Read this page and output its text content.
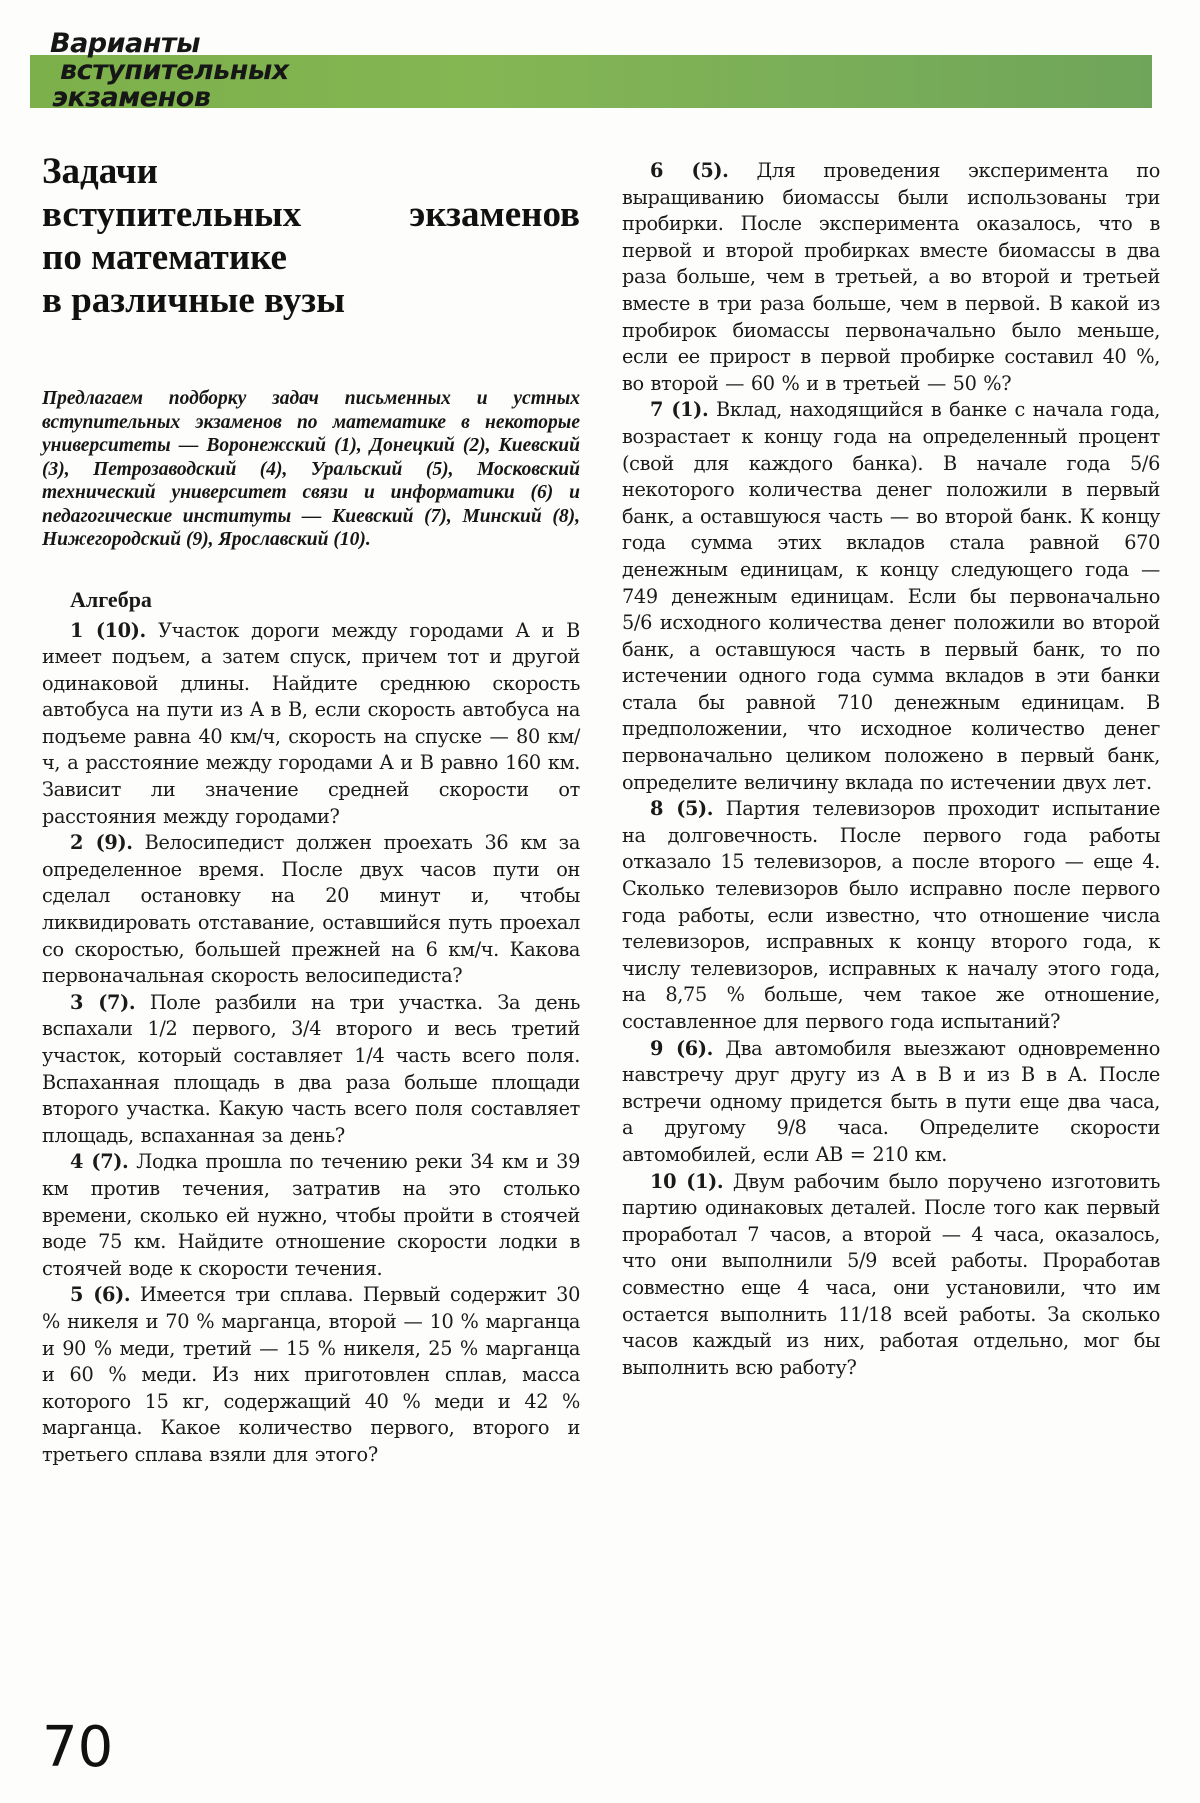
Варианты
вступительных
экзаменов
Задачи
вступительных экзаменов
по математике
в различные вузы

Предлагаем подборку задач письменных и устных вступительных экзаменов по математике в некоторые университеты — Воронежский (1), Донецкий (2), Киевский (3), Петрозаводский (4), Уральский (5), Московский технический университет связи и информатики (6) и педагогические институты — Киевский (7), Минский (8), Нижегородский (9), Ярославский (10).

Алгебра

1 (10). Участок дороги между городами A и B имеет подъем, а затем спуск, причем тот и другой одинаковой длины. Найдите среднюю скорость автобуса на пути из A в B, если скорость автобуса на подъеме равна 40 км/ч, скорость на спуске — 80 км/ч, а расстояние между городами A и B равно 160 км. Зависит ли значение средней скорости от расстояния между городами?

2 (9). Велосипедист должен проехать 36 км за определенное время. После двух часов пути он сделал остановку на 20 минут и, чтобы ликвидировать отставание, оставшийся путь проехал со скоростью, большей прежней на 6 км/ч. Какова первоначальная скорость велосипедиста?

3 (7). Поле разбили на три участка. За день вспахали 1/2 первого, 3/4 второго и весь третий участок, который составляет 1/4 часть всего поля. Вспаханная площадь в два раза больше площади второго участка. Какую часть всего поля составляет площадь, вспаханная за день?

4 (7). Лодка прошла по течению реки 34 км и 39 км против течения, затратив на это столько времени, сколько ей нужно, чтобы пройти в стоячей воде 75 км. Найдите отношение скорости лодки в стоячей воде к скорости течения.

5 (6). Имеется три сплава. Первый содержит 30 % никеля и 70 % марганца, второй — 10 % марганца и 90 % меди, третий — 15 % никеля, 25 % марганца и 60 % меди. Из них приготовлен сплав, масса которого 15 кг, содержащий 40 % меди и 42 % марганца. Какое количество первого, второго и третьего сплава взяли для этого?

6 (5). Для проведения эксперимента по выращиванию биомассы были использованы три пробирки. После эксперимента оказалось, что в первой и второй пробирках вместе биомассы в два раза больше, чем в третьей, а во второй и третьей вместе в три раза больше, чем в первой. В какой из пробирок биомассы первоначально было меньше, если ее прирост в первой пробирке составил 40 %, во второй — 60 % и в третьей — 50 %?

7 (1). Вклад, находящийся в банке с начала года, возрастает к концу года на определенный процент (свой для каждого банка). В начале года 5/6 некоторого количества денег положили в первый банк, а оставшуюся часть — во второй банк. К концу года сумма этих вкладов стала равной 670 денежным единицам, к концу следующего года — 749 денежным единицам. Если бы первоначально 5/6 исходного количества денег положили во второй банк, а оставшуюся часть в первый банк, то по истечении одного года сумма вкладов в эти банки стала бы равной 710 денежным единицам. В предположении, что исходное количество денег первоначально целиком положено в первый банк, определите величину вклада по истечении двух лет.

8 (5). Партия телевизоров проходит испытание на долговечность. После первого года работы отказало 15 телевизоров, а после второго — еще 4. Сколько телевизоров было исправно после первого года работы, если известно, что отношение числа телевизоров, исправных к концу второго года, к числу телевизоров, исправных к началу этого года, на 8,75 % больше, чем такое же отношение, составленное для первого года испытаний?

9 (6). Два автомобиля выезжают одновременно навстречу друг другу из A в B и из B в A. После встречи одному придется быть в пути еще два часа, а другому 9/8 часа. Определите скорости автомобилей, если AB = 210 км.

10 (1). Двум рабочим было поручено изготовить партию одинаковых деталей. После того как первый проработал 7 часов, а второй — 4 часа, оказалось, что они выполнили 5/9 всей работы. Проработав совместно еще 4 часа, они установили, что им остается выполнить 11/18 всей работы. За сколько часов каждый из них, работая отдельно, мог бы выполнить всю работу?

70
